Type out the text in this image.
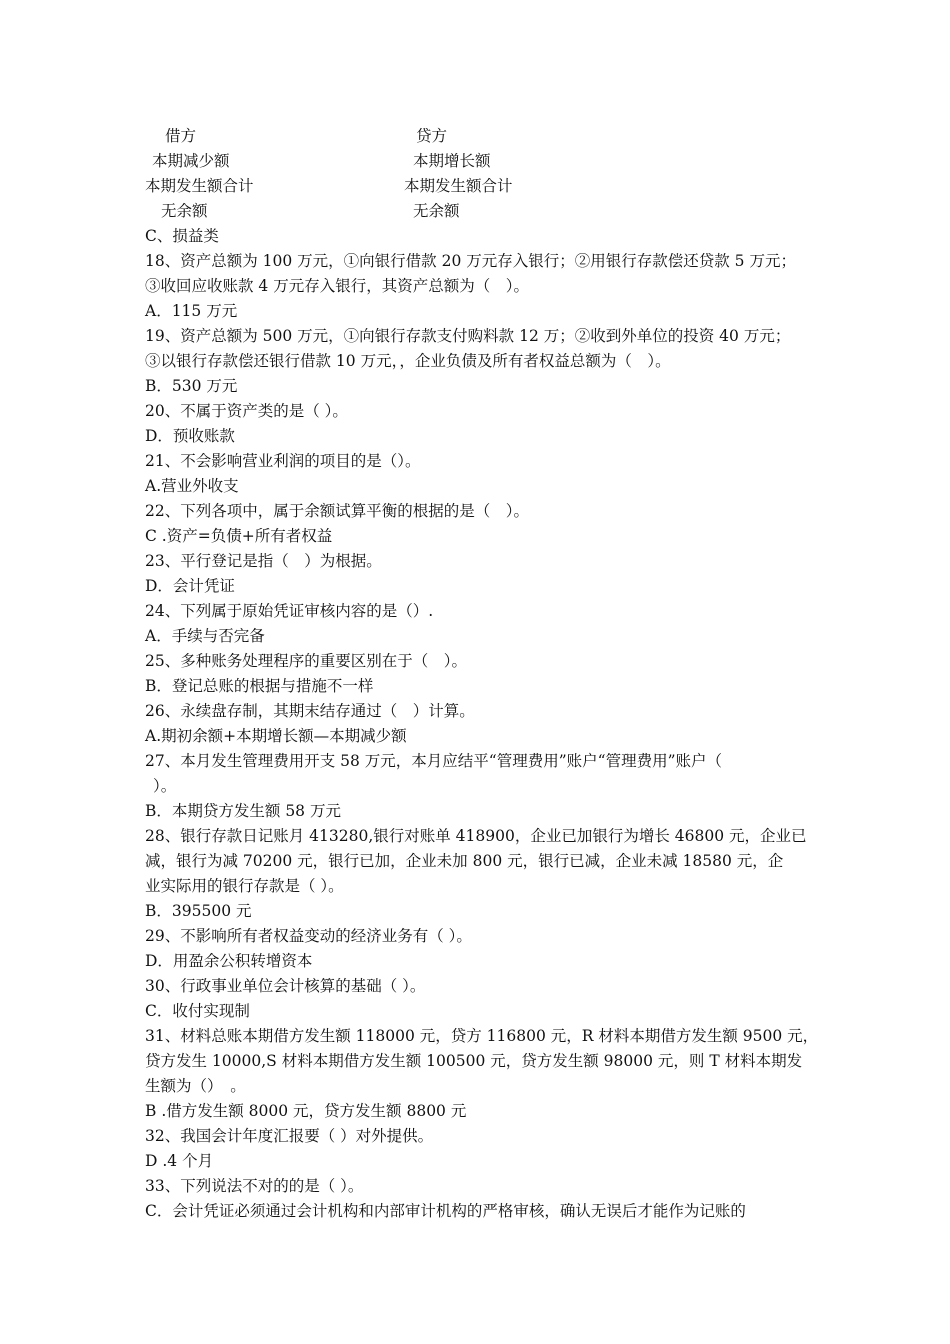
借方	贷方
本期减少额	本期增长额
本期发生额合计	本期发生额合计
无余额	无余额
C、损益类
18、资产总额为 100 万元，①向银行借款 20 万元存入银行；②用银行存款偿还贷款 5 万元；
③收回应收账款 4 万元存入银行，其资产总额为（　）。
A．115 万元
19、资产总额为 500 万元，①向银行存款支付购料款 12 万；②收到外单位的投资 40 万元；
③以银行存款偿还银行借款 10 万元，，企业负债及所有者权益总额为（　）。
B．530 万元
20、不属于资产类的是（ ）。
D．预收账款
21、不会影响营业利润的项目的是（）。
A.营业外收支
22、下列各项中，属于余额试算平衡的根据的是（　）。
C .资产=负债+所有者权益
23、平行登记是指（　）为根据。
D．会计凭证
24、下列属于原始凭证审核内容的是（）.
A．手续与否完备
25、多种账务处理程序的重要区别在于（　）。
B．登记总账的根据与措施不一样
26、永续盘存制，其期末结存通过（　）计算。
A.期初余额+本期增长额—本期减少额
27、本月发生管理费用开支 58 万元，本月应结平“管理费用”账户“管理费用”账户（
）。
B．本期贷方发生额 58 万元
28、银行存款日记账月 413280,银行对账单 418900，企业已加银行为增长 46800 元，企业已
减，银行为减 70200 元，银行已加，企业未加 800 元，银行已减，企业未减 18580 元，企
业实际用的银行存款是（ ）。
B．395500 元
29、不影响所有者权益变动的经济业务有（ ）。
D．用盈余公积转增资本
30、行政事业单位会计核算的基础（ ）。
C．收付实现制
31、材料总账本期借方发生额 118000 元，贷方 116800 元，R 材料本期借方发生额 9500 元，
贷方发生 10000,S 材料本期借方发生额 100500 元，贷方发生额 98000 元，则 T 材料本期发
生额为（）　。
B .借方发生额 8000 元，贷方发生额 8800 元
32、我国会计年度汇报要（ ）对外提供。
D .4 个月
33、下列说法不对的的是（ ）。
C．会计凭证必须通过会计机构和内部审计机构的严格审核，确认无误后才能作为记账的
